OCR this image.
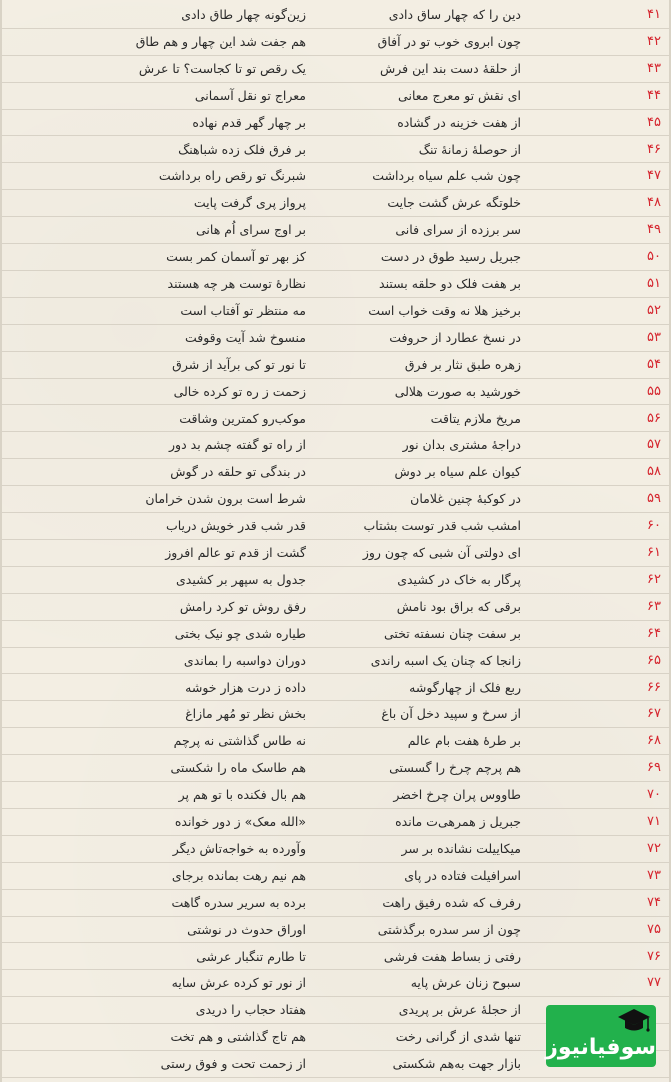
۴۱
دین را که چهار ساق دادی
زین‌گونه چهار طاق دادی
۴۲
چون ابروی خوب تو در آفاق
هم جفت شد این چهار و هم طاق
۴۳
از حلقهٔ دست بند این فرش
یک رقص تو تا کجاست؟ تا عرش
۴۴
ای نقش تو معرج معانی
معراج تو نقل آسمانی
۴۵
از هفت خزینه در گشاده
بر چهار گهر قدم نهاده
۴۶
از حوصلهٔ زمانهٔ تنگ
بر فرق فلک زده شباهنگ
۴۷
چون شب علم سیاه برداشت
شبرنگ تو رقص راه برداشت
۴۸
خلوتگه عرش گشت جایت
پرواز پری گرفت پایت
۴۹
سر برزده از سرای فانی
بر اوج سرای اُم هانی
۵۰
جبریل رسید طوق در دست
کز بهر تو آسمان کمر بست
۵۱
بر هفت فلک دو حلقه بستند
نظارهٔ توست هر چه هستند
۵۲
برخیز هلا نه وقت خواب است
مه منتظر تو آفتاب است
۵۳
در نسخ عطارد از حروفت
منسوخ شد آیت وقوفت
۵۴
زهره طبق نثار بر فرق
تا نور تو کی برآید از شرق
۵۵
خورشید به صورت هلالی
زحمت ز ره تو کرده خالی
۵۶
مریخ ملازم یتاقت
موکب‌رو کمترین وشاقت
۵۷
دراجهٔ مشتری بدان نور
از راه تو گفته چشم بد دور
۵۸
کیوان علم سیاه بر دوش
در بندگی تو حلقه در گوش
۵۹
در کوکبهٔ چنین غلامان
شرط است برون شدن خرامان
۶۰
امشب شب قدر توست بشتاب
قدر شب قدر خویش دریاب
۶۱
ای دولتی آن شبی که چون روز
گشت از قدم تو عالم افروز
۶۲
پرگار به خاک در کشیدی
جدول به سپهر بر کشیدی
۶۳
برقی که براق بود نامش
رفق روش تو کرد رامش
۶۴
بر سفت چنان نسفته تختی
طیاره شدی چو نیک بختی
۶۵
زانجا که چنان یک اسبه راندی
دوران دواسبه را بماندی
۶۶
ربع فلک از چهارگوشه
داده ز درت هزار خوشه
۶۷
از سرخ و سپید دخل آن باغ
بخش نظر تو مُهر مازاغ
۶۸
بر طرهٔ هفت بام عالم
نه طاس گذاشتی نه پرچم
۶۹
هم پرچم چرخ را گسستی
هم طاسک ماه را شکستی
۷۰
طاووس پران چرخ اخضر
هم بال فکنده با تو هم پر
۷۱
جبریل ز همرهی‌ت مانده
«الله معک» ز دور خوانده
۷۲
میکاییلت نشانده بر سر
وآورده به خواجه‌تاش دیگر
۷۳
اسرافیلت فتاده در پای
هم نیم رهت بمانده برجای
۷۴
رفرف که شده رفیق راهت
برده به سریر سدره گاهت
۷۵
چون از سر سدره برگذشتی
اوراق حدوث در نوشتی
۷۶
رفتی ز بساط هفت فرشی
تا طارم تنگبار عرشی
۷۷
سبوح زنان عرش پایه
از نور تو کرده عرش سایه
از حجلهٔ عرش بر پریدی
هفتاد حجاب را دریدی
تنها شدی از گرانی رخت
هم تاج گذاشتی و هم تخت
بازار جهت به‌هم شکستی
از زحمت تحت و فوق رستی
سوفیانیوز
